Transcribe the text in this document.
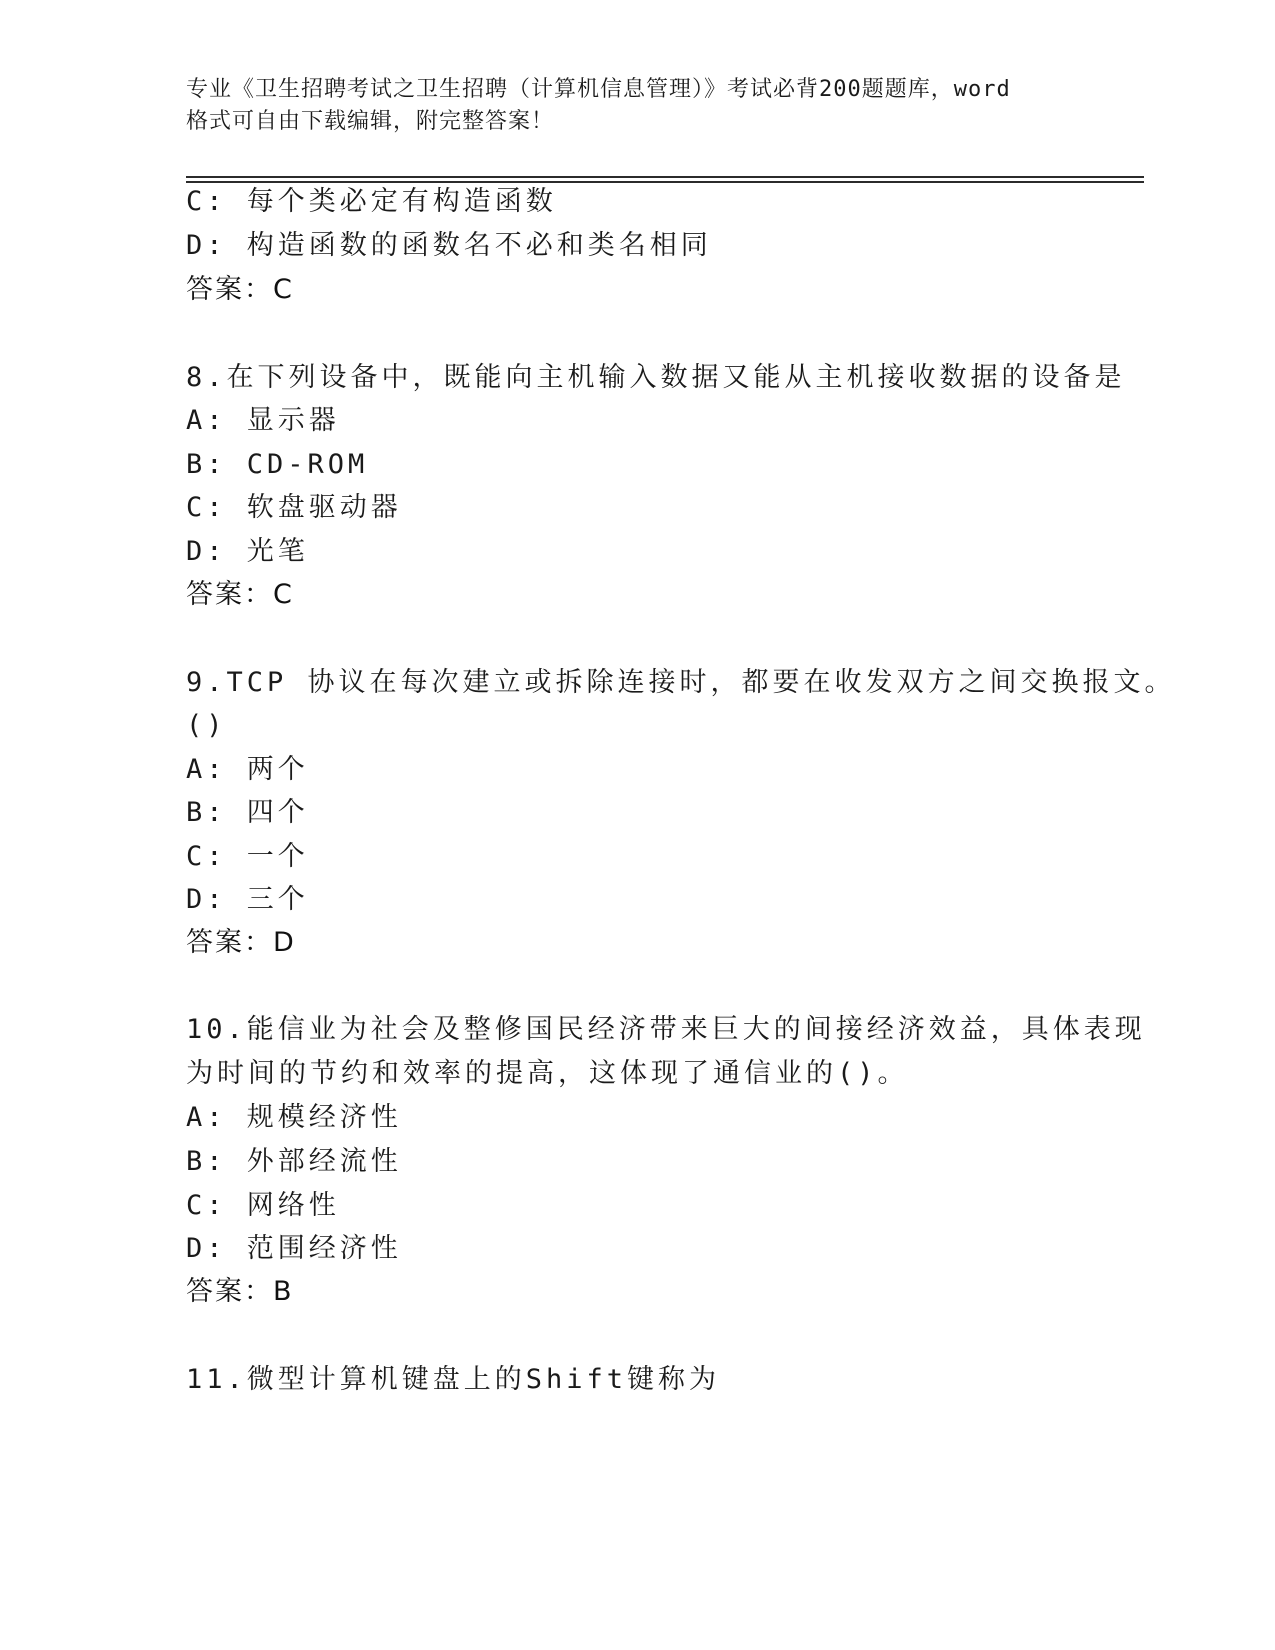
专业《卫生招聘考试之卫生招聘（计算机信息管理）》考试必背200题题库，word
格式可自由下载编辑，附完整答案！
C: 每个类必定有构造函数
D: 构造函数的函数名不必和类名相同
答案：C
8.在下列设备中，既能向主机输入数据又能从主机接收数据的设备是
A: 显示器
B: CD-ROM
C: 软盘驱动器
D: 光笔
答案：C
9.TCP 协议在每次建立或拆除连接时，都要在收发双方之间交换报文。
()
A: 两个
B: 四个
C: 一个
D: 三个
答案：D
10.能信业为社会及整修国民经济带来巨大的间接经济效益，具体表现
为时间的节约和效率的提高，这体现了通信业的()。
A: 规模经济性
B: 外部经流性
C: 网络性
D: 范围经济性
答案：B
11.微型计算机键盘上的Shift键称为
